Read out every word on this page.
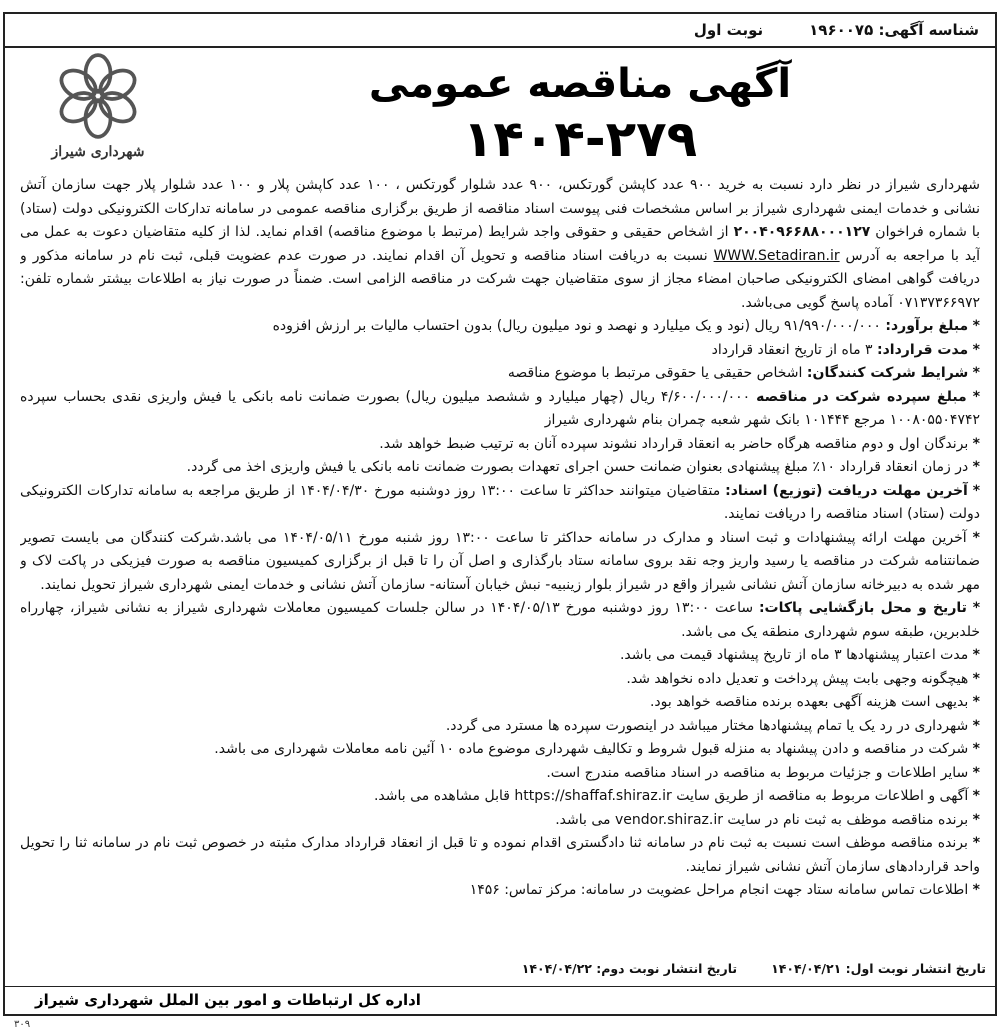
شناسه آگهی: ۱۹۶۰۰۷۵
نوبت اول
شهرداری شیراز
آگهی مناقصه عمومی
۱۴۰۴-۲۷۹

شهرداری شیراز در نظر دارد نسبت به خرید ۹۰۰ عدد کاپشن گورتکس، ۹۰۰ عدد شلوار گورتکس ، ۱۰۰ عدد کاپشن پلار و ۱۰۰ عدد شلوار پلار جهت سازمان آتش نشانی و خدمات ایمنی شهرداری شیراز بر اساس مشخصات فنی پیوست اسناد مناقصه از طریق برگزاری مناقصه عمومی در سامانه تدارکات الکترونیکی دولت (ستاد) با شماره فراخوان ۲۰۰۴۰۹۶۶۸۸۰۰۰۱۲۷ از اشخاص حقیقی و حقوقی واجد شرایط (مرتبط با موضوع مناقصه) اقدام نماید. لذا از کلیه متقاضیان دعوت به عمل می آید با مراجعه به آدرس WWW.Setadiran.ir نسبت به دریافت اسناد مناقصه و تحویل آن اقدام نمایند. در صورت عدم عضویت قبلی، ثبت نام در سامانه مذکور و دریافت گواهی امضای الکترونیکی صاحبان امضاء مجاز از سوی متقاضیان جهت شرکت در مناقصه الزامی است. ضمناً در صورت نیاز به اطلاعات بیشتر شماره تلفن: ۰۷۱۳۷۳۶۶۹۷۲ آماده پاسخ گویی می‌باشد.

* مبلغ برآورد: ۹۱/۹۹۰/۰۰۰/۰۰۰ ریال (نود و یک میلیارد و نهصد و نود میلیون ریال) بدون احتساب مالیات بر ارزش افزوده

* مدت قرارداد: ۳ ماه از تاریخ انعقاد قرارداد

* شرایط شرکت کنندگان: اشخاص حقیقی یا حقوقی مرتبط با موضوع مناقصه

* مبلغ سپرده شرکت در مناقصه ۴/۶۰۰/۰۰۰/۰۰۰ ریال (چهار میلیارد و ششصد میلیون ریال) بصورت ضمانت نامه بانکی یا فیش واریزی نقدی بحساب سپرده ۱۰۰۸۰۵۵۰۴۷۴۲ مرجع ۱۰۱۴۴۴ بانک شهر شعبه چمران بنام شهرداری شیراز

* برندگان اول و دوم مناقصه هرگاه حاضر به انعقاد قرارداد نشوند سپرده آنان به ترتیب ضبط خواهد شد.

* در زمان انعقاد قرارداد ۱۰٪ مبلغ پیشنهادی بعنوان ضمانت حسن اجرای تعهدات بصورت ضمانت نامه بانکی یا فیش واریزی اخذ می گردد.

* آخرین مهلت دریافت (توزیع) اسناد: متقاضیان میتوانند حداکثر تا ساعت ۱۳:۰۰ روز دوشنبه مورخ ۱۴۰۴/۰۴/۳۰ از طریق مراجعه به سامانه تدارکات الکترونیکی دولت (ستاد) اسناد مناقصه را دریافت نمایند.

* آخرین مهلت ارائه پیشنهادات و ثبت اسناد و مدارک در سامانه حداکثر تا ساعت ۱۳:۰۰ روز شنبه مورخ ۱۴۰۴/۰۵/۱۱ می باشد.شرکت کنندگان می بایست تصویر ضمانتنامه شرکت در مناقصه یا رسید واریز وجه نقد بروی سامانه ستاد بارگذاری و اصل آن را تا قبل از برگزاری کمیسیون مناقصه به صورت فیزیکی در پاکت لاک و مهر شده به دبیرخانه سازمان آتش نشانی شیراز واقع در شیراز بلوار زینبیه- نبش خیابان آستانه- سازمان آتش نشانی و خدمات ایمنی شهرداری شیراز تحویل نمایند.

* تاریخ و محل بازگشایی پاکات: ساعت ۱۳:۰۰ روز دوشنبه مورخ ۱۴۰۴/۰۵/۱۳ در سالن جلسات کمیسیون معاملات شهرداری شیراز به نشانی شیراز، چهارراه خلدبرین، طبقه سوم شهرداری منطقه یک می باشد.

* مدت اعتبار پیشنهادها ۳ ماه از تاریخ پیشنهاد قیمت می باشد.

* هیچگونه وجهی بابت پیش پرداخت و تعدیل داده نخواهد شد.

* بدیهی است هزینه آگهی بعهده برنده مناقصه خواهد بود.

* شهرداری در رد یک یا تمام پیشنهادها مختار میباشد در اینصورت سپرده ها مسترد می گردد.

* شرکت در مناقصه و دادن پیشنهاد به منزله قبول شروط و تکالیف شهرداری موضوع ماده ۱۰ آئین نامه معاملات شهرداری می باشد.

* سایر اطلاعات و جزئیات مربوط به مناقصه در اسناد مناقصه مندرج است.

* آگهی و اطلاعات مربوط به مناقصه از طریق سایت https://shaffaf.shiraz.ir قابل مشاهده می باشد.

* برنده مناقصه موظف به ثبت نام در سایت vendor.shiraz.ir می باشد.

* برنده مناقصه موظف است نسبت به ثبت نام در سامانه ثنا دادگستری اقدام نموده و تا قبل از انعقاد قرارداد مدارک مثبته در خصوص ثبت نام در سامانه ثنا را تحویل واحد قراردادهای سازمان آتش نشانی شیراز نمایند.

* اطلاعات تماس سامانه ستاد جهت انجام مراحل عضویت در سامانه: مرکز تماس: ۱۴۵۶

تاریخ انتشار نوبت اول: ۱۴۰۴/۰۴/۲۱
تاریخ انتشار نوبت دوم: ۱۴۰۴/۰۴/۲۲
اداره کل ارتباطات و امور بین الملل شهرداری شیراز
۳۰۹
